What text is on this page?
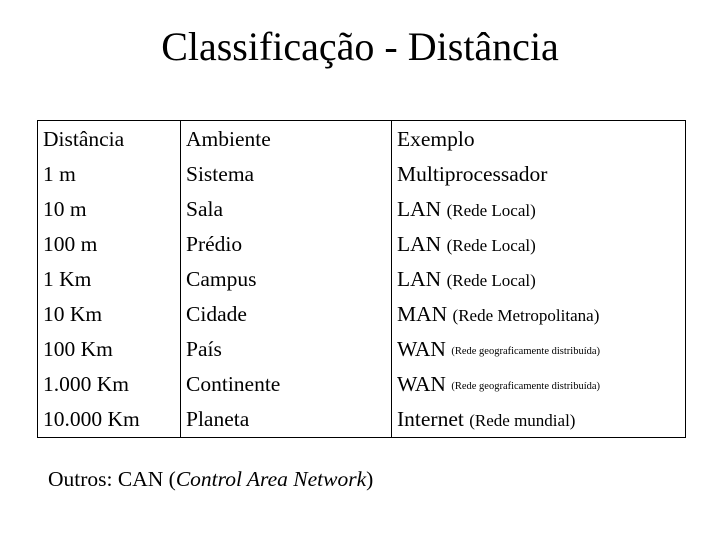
Classificação - Distância
Distância	Ambiente	Exemplo
1 m	Sistema	Multiprocessador
10 m	Sala	LAN (Rede Local)
100 m	Prédio	LAN (Rede Local)
1 Km	Campus	LAN (Rede Local)
10 Km	Cidade	MAN (Rede Metropolitana)
100 Km	País	WAN (Rede geograficamente distribuída)
1.000 Km	Continente	WAN (Rede geograficamente distribuída)
10.000 Km	Planeta	Internet (Rede mundial)
Outros: CAN (Control Area Network)
